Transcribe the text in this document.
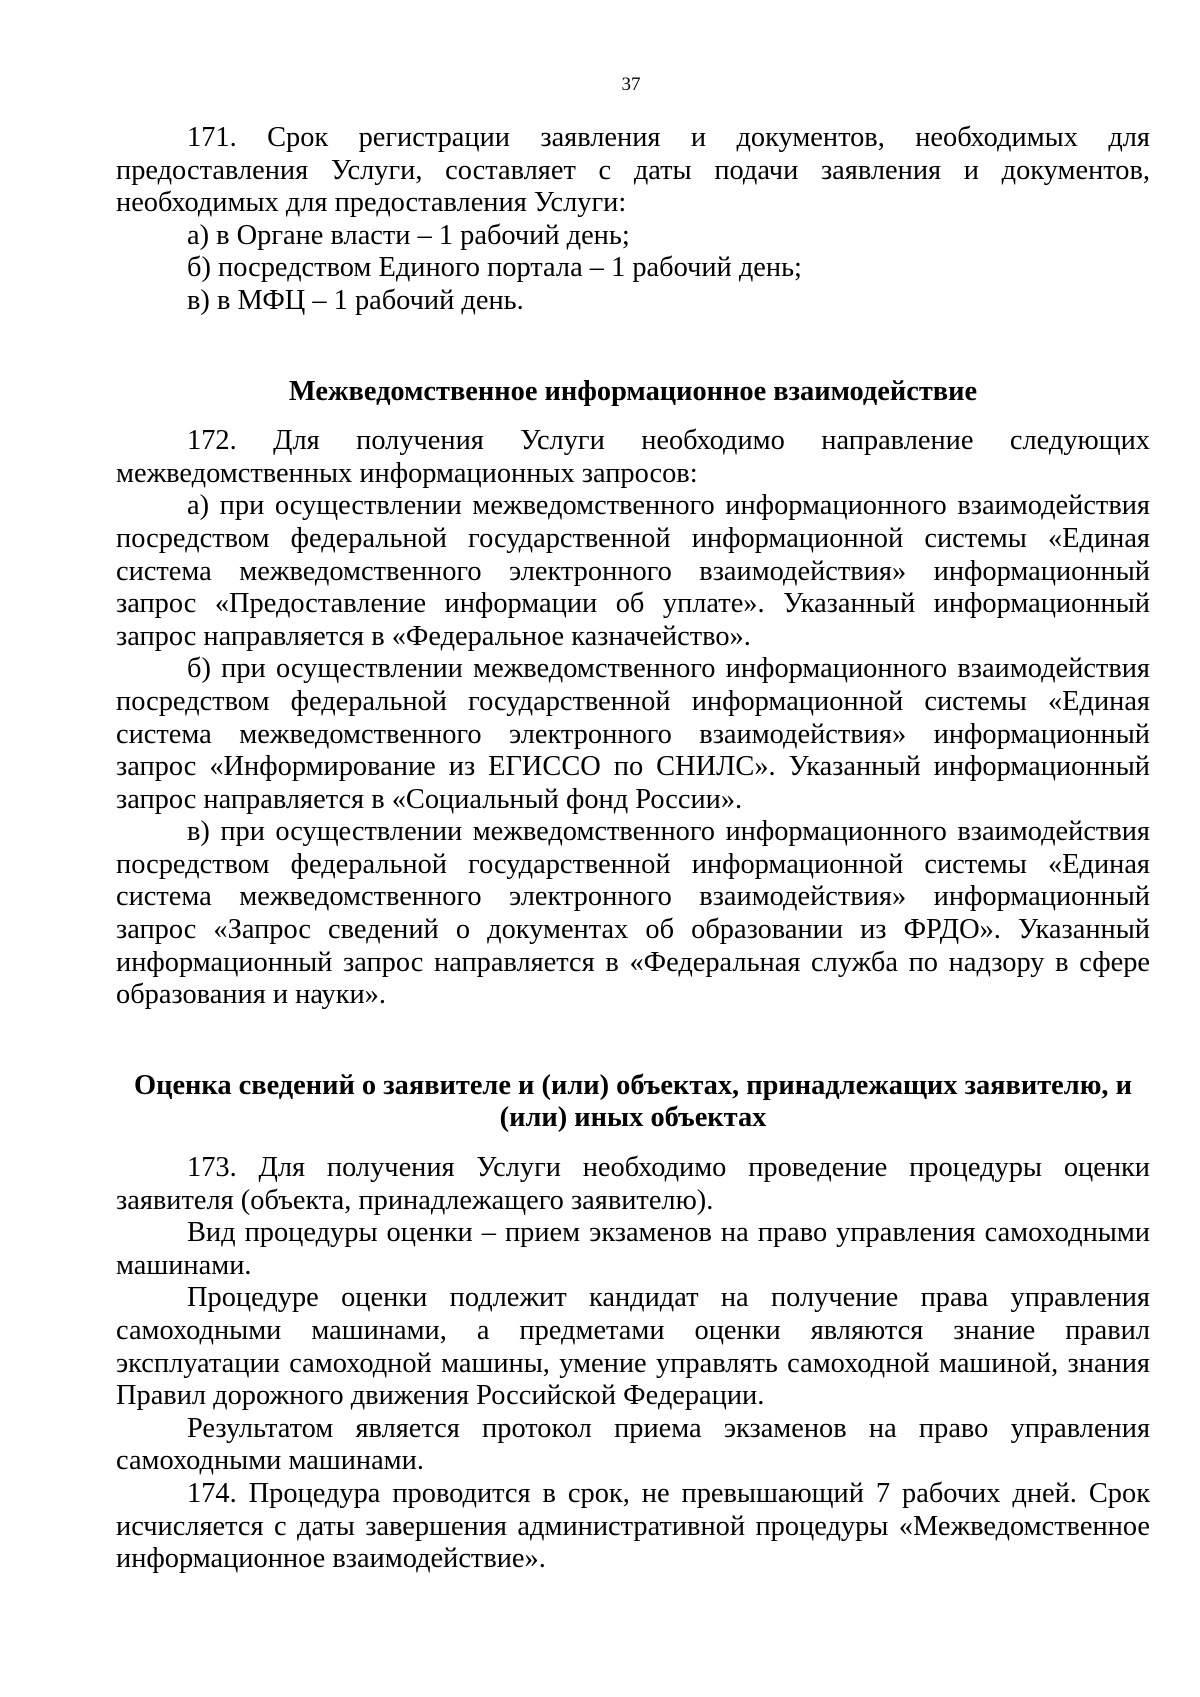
37

171. Срок регистрации заявления и документов, необходимых для предоставления Услуги, составляет с даты подачи заявления и документов, необходимых для предоставления Услуги:

а) в Органе власти – 1 рабочий день;

б) посредством Единого портала – 1 рабочий день;

в) в МФЦ – 1 рабочий день.

Межведомственное информационное взаимодействие

172. Для получения Услуги необходимо направление следующих межведомственных информационных запросов:

а) при осуществлении межведомственного информационного взаимодействия посредством федеральной государственной информационной системы «Единая система межведомственного электронного взаимодействия» информационный запрос «Предоставление информации об уплате». Указанный информационный запрос направляется в «Федеральное казначейство».

б) при осуществлении межведомственного информационного взаимодействия посредством федеральной государственной информационной системы «Единая система межведомственного электронного взаимодействия» информационный запрос «Информирование из ЕГИССО по СНИЛС». Указанный информационный запрос направляется в «Социальный фонд России».

в) при осуществлении межведомственного информационного взаимодействия посредством федеральной государственной информационной системы «Единая система межведомственного электронного взаимодействия» информационный запрос «Запрос сведений о документах об образовании из ФРДО». Указанный информационный запрос направляется в «Федеральная служба по надзору в сфере образования и науки».

Оценка сведений о заявителе и (или) объектах, принадлежащих заявителю, и
(или) иных объектах

173. Для получения Услуги необходимо проведение процедуры оценки заявителя (объекта, принадлежащего заявителю).

Вид процедуры оценки – прием экзаменов на право управления самоходными машинами.

Процедуре оценки подлежит кандидат на получение права управления самоходными машинами, а предметами оценки являются знание правил эксплуатации самоходной машины, умение управлять самоходной машиной, знания Правил дорожного движения Российской Федерации.

Результатом является протокол приема экзаменов на право управления самоходными машинами.

174. Процедура проводится в срок, не превышающий 7 рабочих дней. Срок исчисляется с даты завершения административной процедуры «Межведомственное информационное взаимодействие».
